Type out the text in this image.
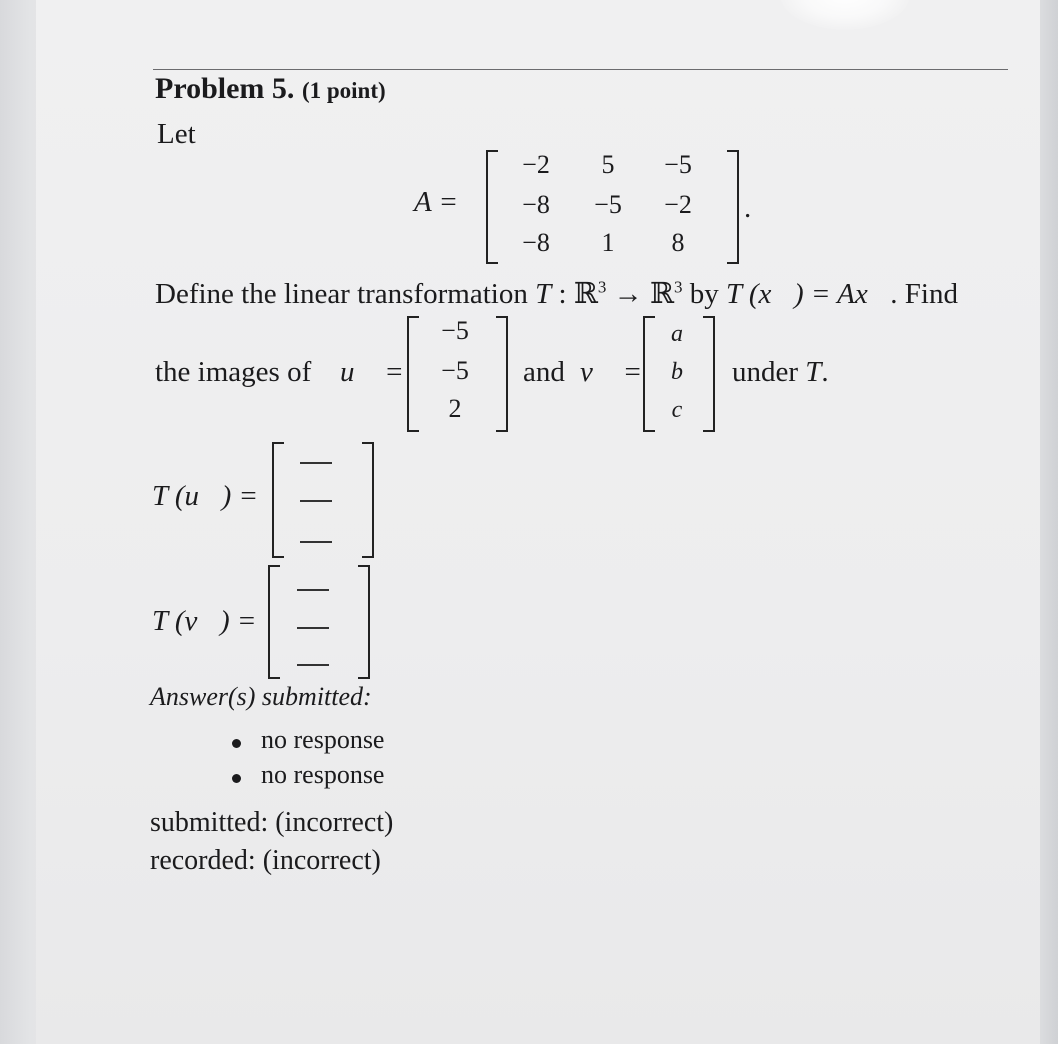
Problem 5. (1 point)
Let
A =
−2	5	−5
−8	−5	−2
−8	1	8
.
Define the linear transformation T : ℝ$^3$ → ℝ$^3$ by T (x⃗) = Ax⃗. Find
the images of u⃗ =
−5
−5
2
and v⃗ =
a
b
c
under T.
T (u⃗) =
T (v⃗) =
Answer(s) submitted:
no response
no response
submitted: (incorrect)
recorded: (incorrect)
